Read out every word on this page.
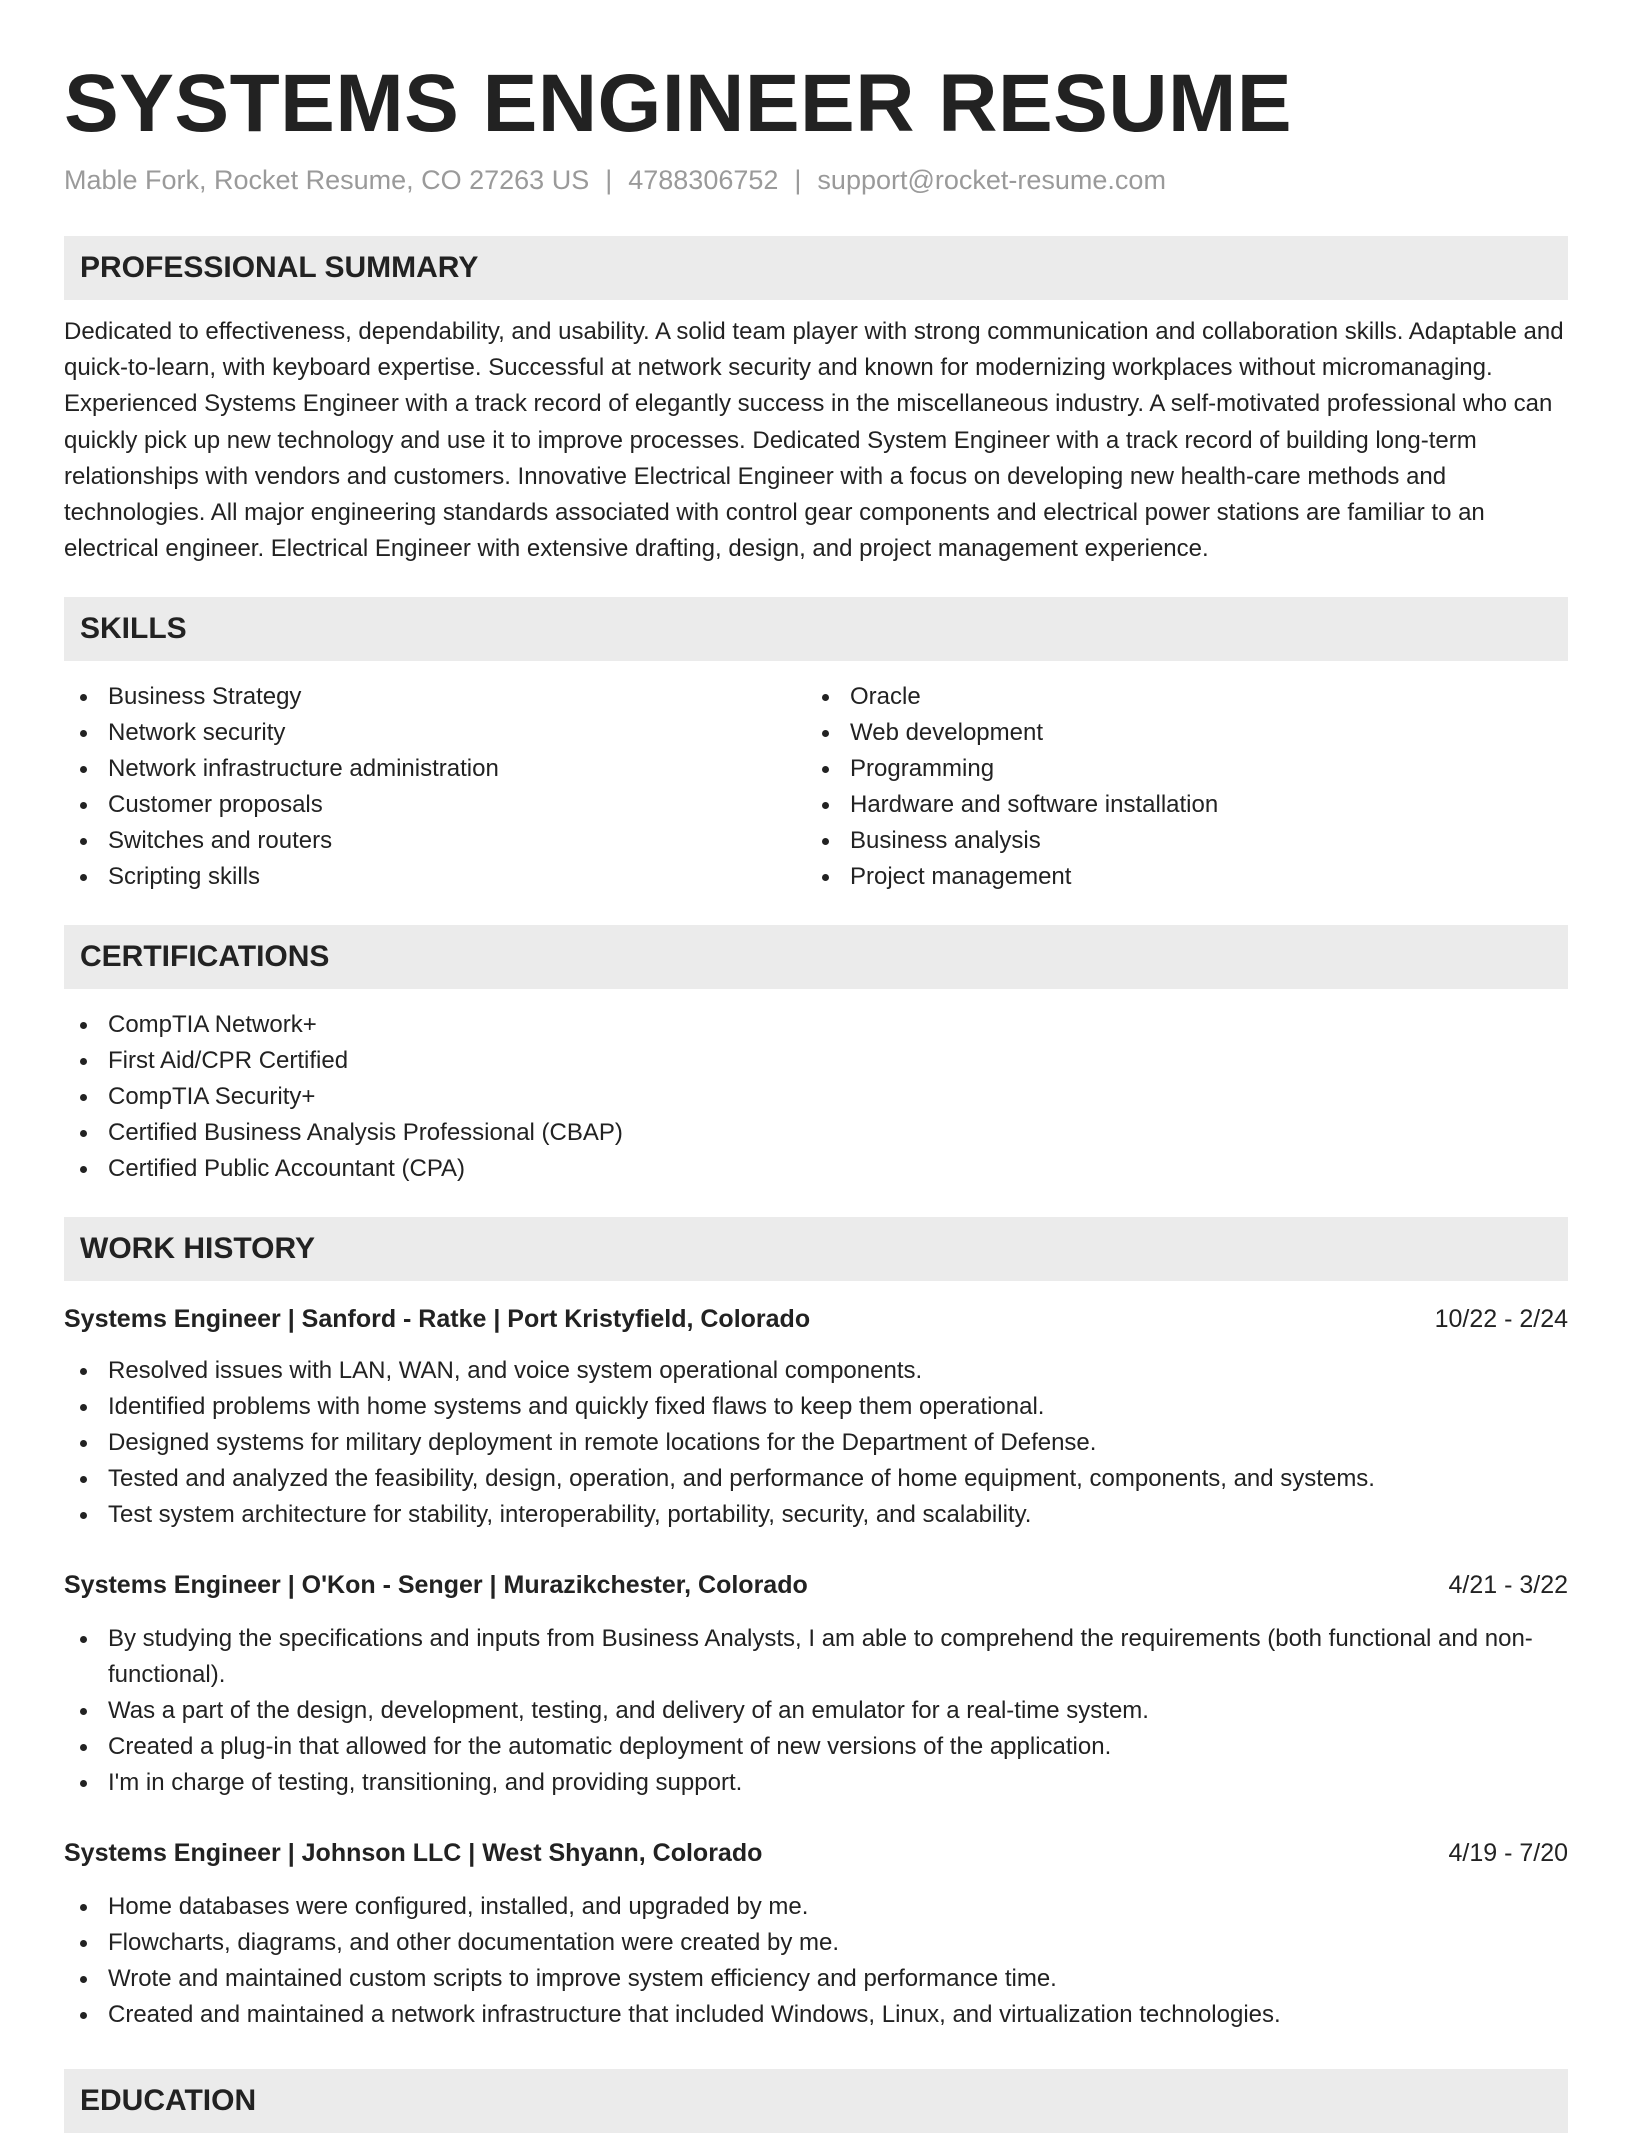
SYSTEMS ENGINEER RESUME
Mable Fork, Rocket Resume, CO 27263 US | 4788306752 | support@rocket-resume.com
PROFESSIONAL SUMMARY

Dedicated to effectiveness, dependability, and usability. A solid team player with strong communication and collaboration skills. Adaptable and quick-to-learn, with keyboard expertise. Successful at network security and known for modernizing workplaces without micromanaging. Experienced Systems Engineer with a track record of elegantly success in the miscellaneous industry. A self-motivated professional who can quickly pick up new technology and use it to improve processes. Dedicated System Engineer with a track record of building long-term relationships with vendors and customers. Innovative Electrical Engineer with a focus on developing new health-care methods and technologies. All major engineering standards associated with control gear components and electrical power stations are familiar to an electrical engineer. Electrical Engineer with extensive drafting, design, and project management experience.

SKILLS
Business Strategy
Network security
Network infrastructure administration
Customer proposals
Switches and routers
Scripting skills
Oracle
Web development
Programming
Hardware and software installation
Business analysis
Project management
CERTIFICATIONS
CompTIA Network+
First Aid/CPR Certified
CompTIA Security+
Certified Business Analysis Professional (CBAP)
Certified Public Accountant (CPA)
WORK HISTORY
Systems Engineer | Sanford - Ratke | Port Kristyfield, Colorado	10/22 - 2/24
Resolved issues with LAN, WAN, and voice system operational components.
Identified problems with home systems and quickly fixed flaws to keep them operational.
Designed systems for military deployment in remote locations for the Department of Defense.
Tested and analyzed the feasibility, design, operation, and performance of home equipment, components, and systems.
Test system architecture for stability, interoperability, portability, security, and scalability.
Systems Engineer | O'Kon - Senger | Murazikchester, Colorado	4/21 - 3/22
By studying the specifications and inputs from Business Analysts, I am able to comprehend the requirements (both functional and non-functional).
Was a part of the design, development, testing, and delivery of an emulator for a real-time system.
Created a plug-in that allowed for the automatic deployment of new versions of the application.
I'm in charge of testing, transitioning, and providing support.
Systems Engineer | Johnson LLC | West Shyann, Colorado	4/19 - 7/20
Home databases were configured, installed, and upgraded by me.
Flowcharts, diagrams, and other documentation were created by me.
Wrote and maintained custom scripts to improve system efficiency and performance time.
Created and maintained a network infrastructure that included Windows, Linux, and virtualization technologies.
EDUCATION
